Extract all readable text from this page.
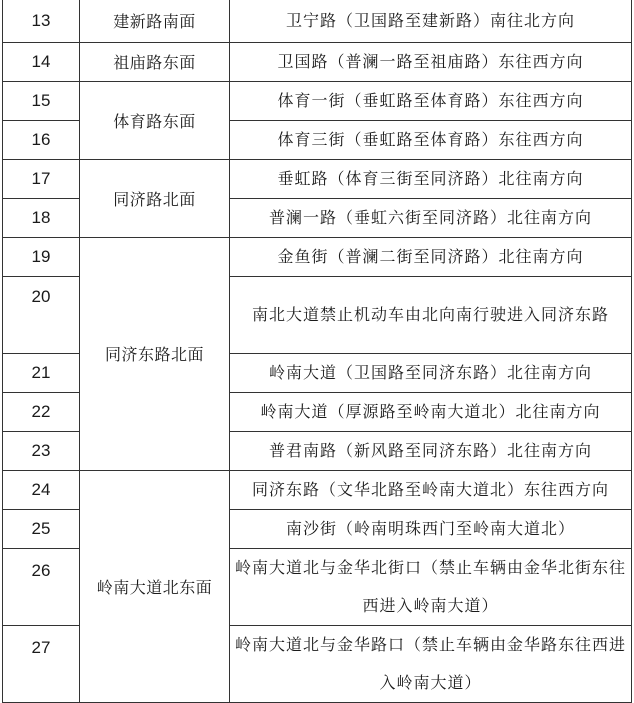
13	建新路南面	卫宁路（卫国路至建新路）南往北方向
14	祖庙路东面	卫国路（普澜一路至祖庙路）东往西方向
15	体育路东面	体育一街（垂虹路至体育路）东往西方向
16		体育三街（垂虹路至体育路）东往西方向
17	同济路北面	垂虹路（体育三街至同济路）北往南方向
18		普澜一路（垂虹六街至同济路）北往南方向
19	同济东路北面	金鱼街（普澜二街至同济路）北往南方向
20		南北大道禁止机动车由北向南行驶进入同济东路
21		岭南大道（卫国路至同济东路）北往南方向
22		岭南大道（厚源路至岭南大道北）北往南方向
23		普君南路（新风路至同济东路）北往南方向
24	岭南大道北东面	同济东路（文华北路至岭南大道北）东往西方向
25		南沙街（岭南明珠西门至岭南大道北）
26		岭南大道北与金华北街口（禁止车辆由金华北街东往西进入岭南大道）
27		岭南大道北与金华路口（禁止车辆由金华路东往西进入岭南大道）
